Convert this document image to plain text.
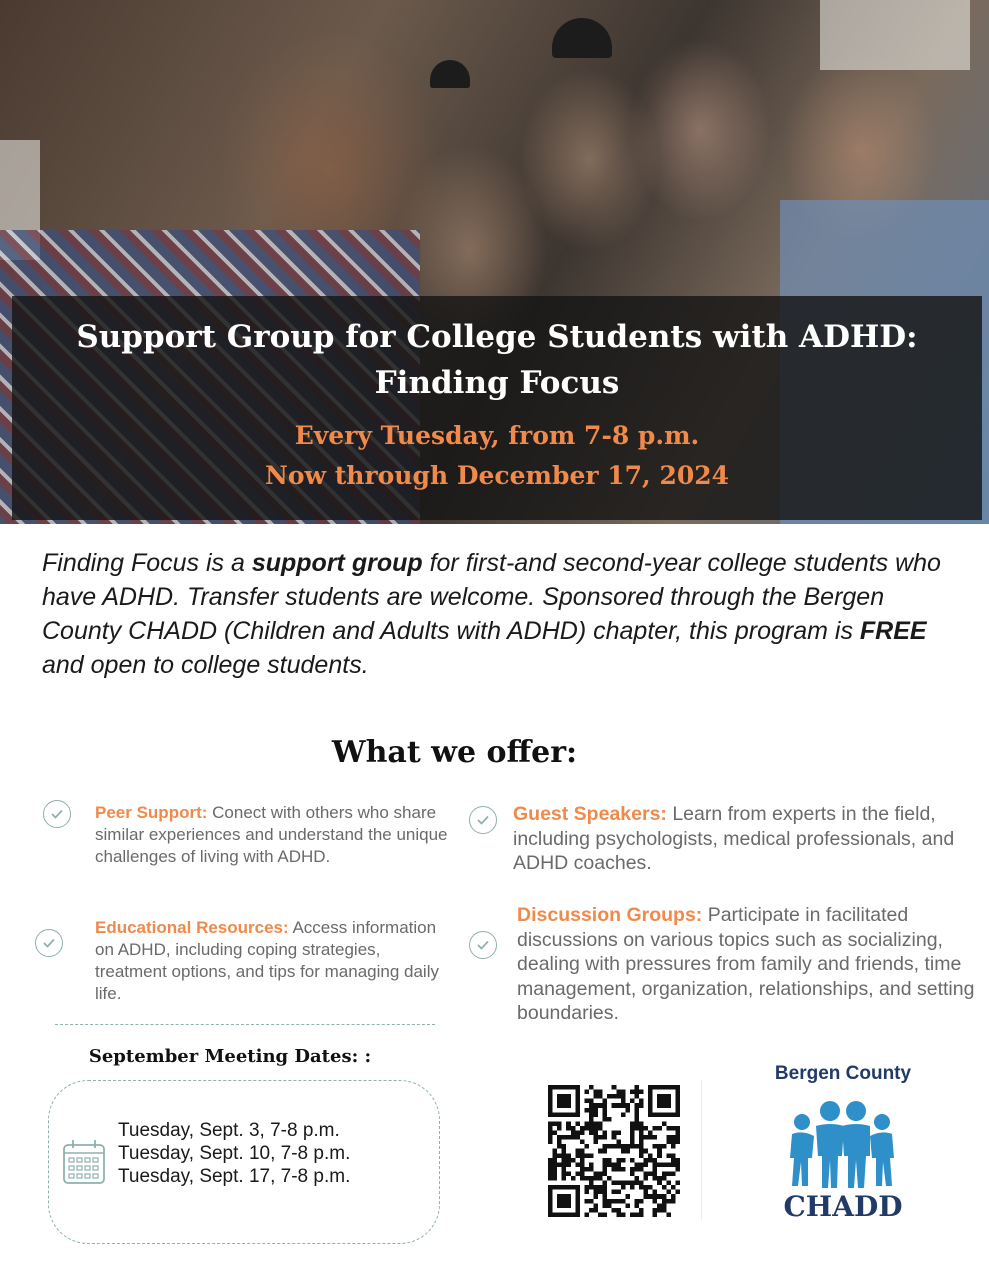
Support Group for College Students with ADHD:
Finding Focus
Every Tuesday, from 7-8 p.m.
Now through December 17, 2024

Finding Focus is a support group for first-and second-year college students who have ADHD. Transfer students are welcome. Sponsored through the Bergen County CHADD (Children and Adults with ADHD) chapter, this program is FREE and open to college students.

What we offer:
Peer Support: Conect with others who share similar experiences and understand the unique challenges of living with ADHD.
Guest Speakers: Learn from experts in the field, including psychologists, medical professionals, and ADHD coaches.
Educational Resources: Access information on ADHD, including coping strategies, treatment options, and tips for managing daily life.
Discussion Groups: Participate in facilitated discussions on various topics such as socializing, dealing with pressures from family and friends, time management, organization, relationships, and setting boundaries.
September Meeting Dates: :
Tuesday, Sept. 3, 7-8 p.m.
Tuesday, Sept. 10, 7-8 p.m.
Tuesday, Sept. 17, 7-8 p.m.
Bergen County
CHADD
